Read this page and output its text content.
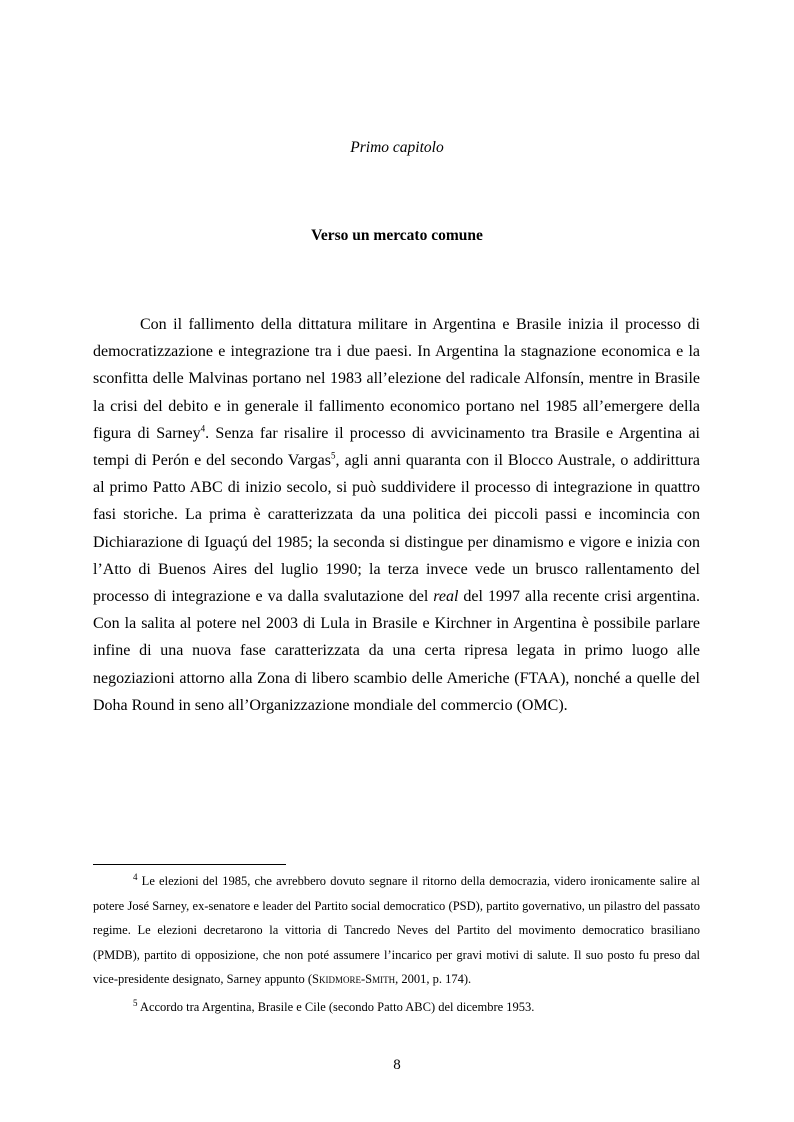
Primo capitolo
Verso un mercato comune

Con il fallimento della dittatura militare in Argentina e Brasile inizia il processo di democratizzazione e integrazione tra i due paesi. In Argentina la stagnazione economica e la sconfitta delle Malvinas portano nel 1983 all’elezione del radicale Alfonsín, mentre in Brasile la crisi del debito e in generale il fallimento economico portano nel 1985 all’emergere della figura di Sarney$^4$. Senza far risalire il processo di avvicinamento tra Brasile e Argentina ai tempi di Perón e del secondo Vargas$^5$, agli anni quaranta con il Blocco Australe, o addirittura al primo Patto ABC di inizio secolo, si può suddividere il processo di integrazione in quattro fasi storiche. La prima è caratterizzata da una politica dei piccoli passi e incomincia con Dichiarazione di Iguaçú del 1985; la seconda si distingue per dinamismo e vigore e inizia con l’Atto di Buenos Aires del luglio 1990; la terza invece vede un brusco rallentamento del processo di integrazione e va dalla svalutazione del real del 1997 alla recente crisi argentina. Con la salita al potere nel 2003 di Lula in Brasile e Kirchner in Argentina è possibile parlare infine di una nuova fase caratterizzata da una certa ripresa legata in primo luogo alle negoziazioni attorno alla Zona di libero scambio delle Americhe (FTAA), nonché a quelle del Doha Round in seno all’Organizzazione mondiale del commercio (OMC).

$^4$ Le elezioni del 1985, che avrebbero dovuto segnare il ritorno della democrazia, videro ironicamente salire al potere José Sarney, ex-senatore e leader del Partito social democratico (PSD), partito governativo, un pilastro del passato regime. Le elezioni decretarono la vittoria di Tancredo Neves del Partito del movimento democratico brasiliano (PMDB), partito di opposizione, che non poté assumere l’incarico per gravi motivi di salute. Il suo posto fu preso dal vice-presidente designato, Sarney appunto (Skidmore-Smith, 2001, p. 174).

$^5$ Accordo tra Argentina, Brasile e Cile (secondo Patto ABC) del dicembre 1953.

8
